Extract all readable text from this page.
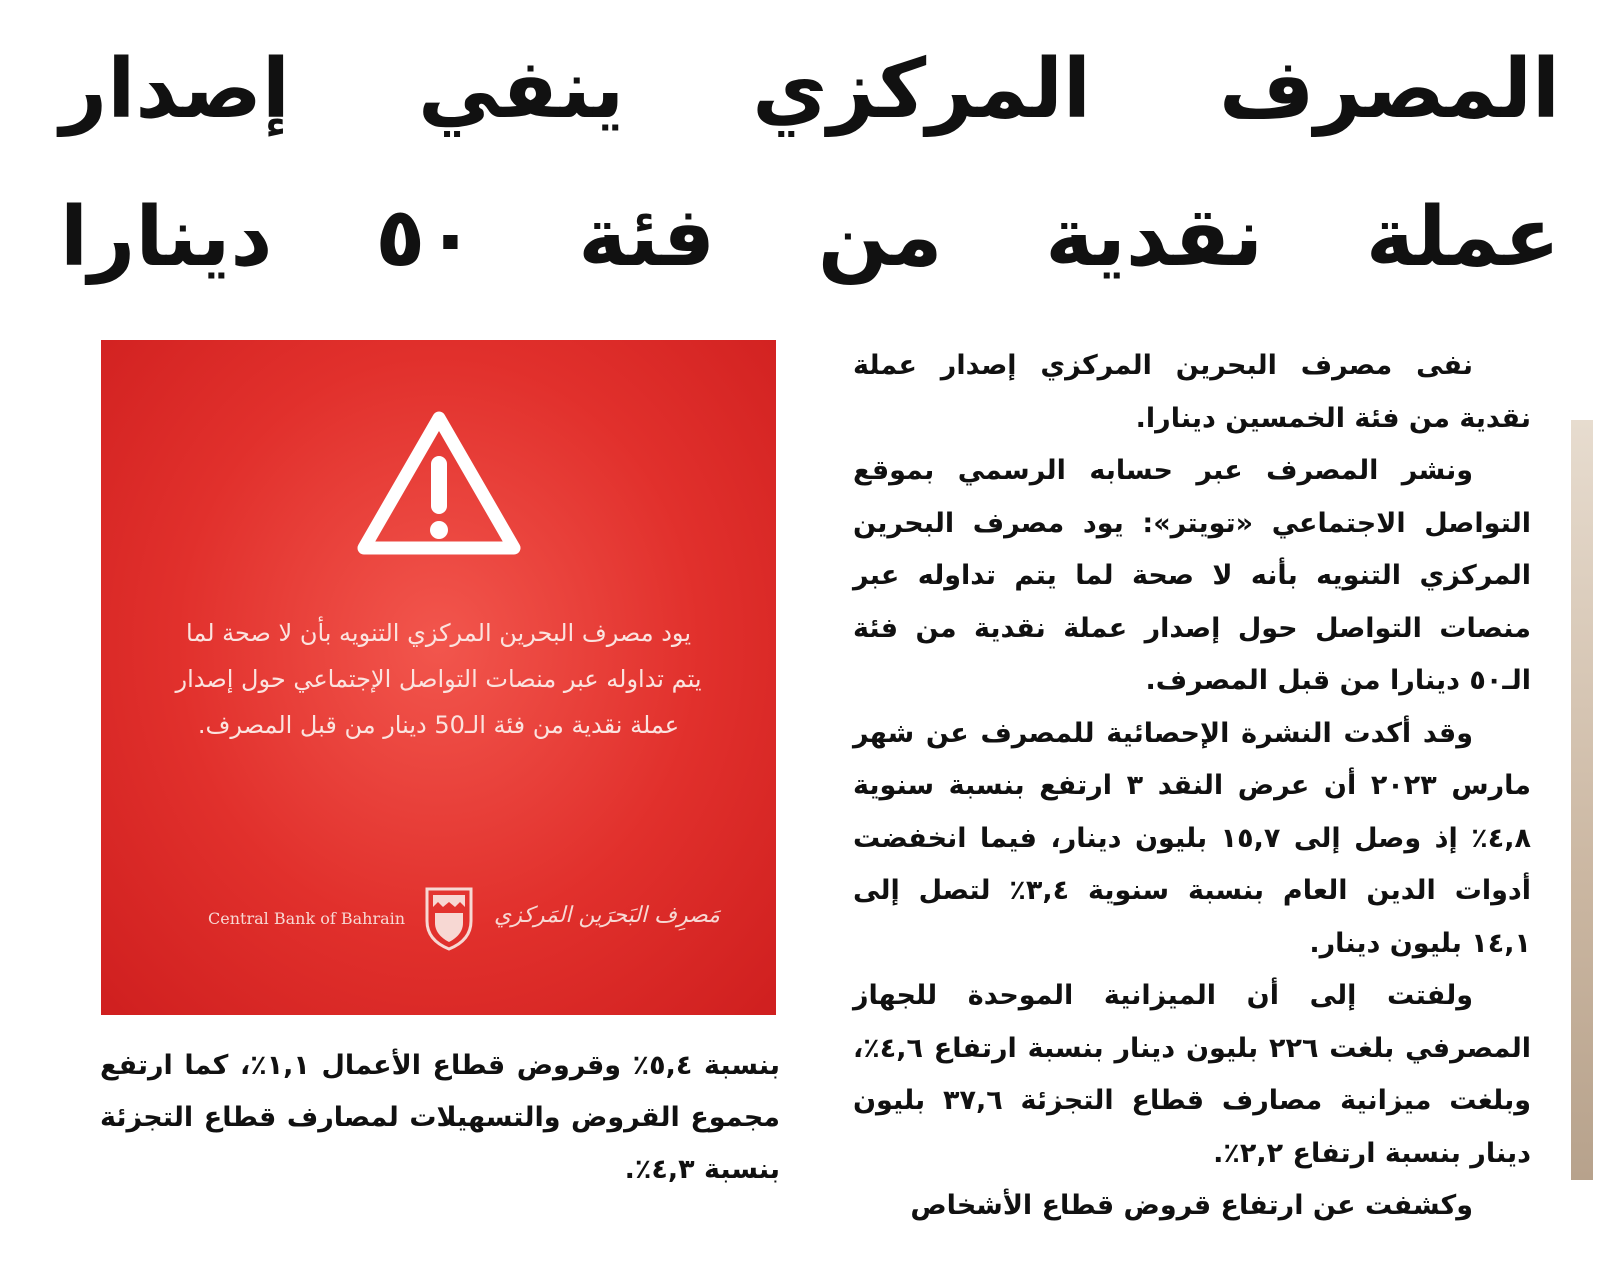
المصرف المركزي ينفي إصدار
عملة نقدية من فئة ٥٠ دينارا

نفى مصرف البحرين المركزي إصدار عملة نقدية من فئة الخمسين دينارا.

ونشر المصرف عبر حسابه الرسمي بموقع التواصل الاجتماعي «تويتر»: يود مصرف البحرين المركزي التنويه بأنه لا صحة لما يتم تداوله عبر منصات التواصل حول إصدار عملة نقدية من فئة الـ٥٠ دينارا من قبل المصرف.

وقد أكدت النشرة الإحصائية للمصرف عن شهر مارس ٢٠٢٣ أن عرض النقد ٣ ارتفع بنسبة سنوية ٤,٨٪ إذ وصل إلى ١٥,٧ بليون دينار، فيما انخفضت أدوات الدين العام بنسبة سنوية ٣,٤٪ لتصل إلى ١٤,١ بليون دينار.

ولفتت إلى أن الميزانية الموحدة للجهاز المصرفي بلغت ٢٢٦ بليون دينار بنسبة ارتفاع ٤,٦٪، وبلغت ميزانية مصارف قطاع التجزئة ٣٧,٦ بليون دينار بنسبة ارتفاع ٢,٢٪.

وكشفت عن ارتفاع قروض قطاع الأشخاص

يود مصرف البحرين المركزي التنويه بأن لا صحة لما يتم تداوله عبر منصات التواصل الإجتماعي حول إصدار عملة نقدية من فئة الـ50 دينار من قبل المصرف.
Central Bank of Bahrain	مَصرِف البَحرَين المَركزي

بنسبة ٥,٤٪ وقروض قطاع الأعمال ١,١٪، كما ارتفع مجموع القروض والتسهيلات لمصارف قطاع التجزئة بنسبة ٤,٣٪.
